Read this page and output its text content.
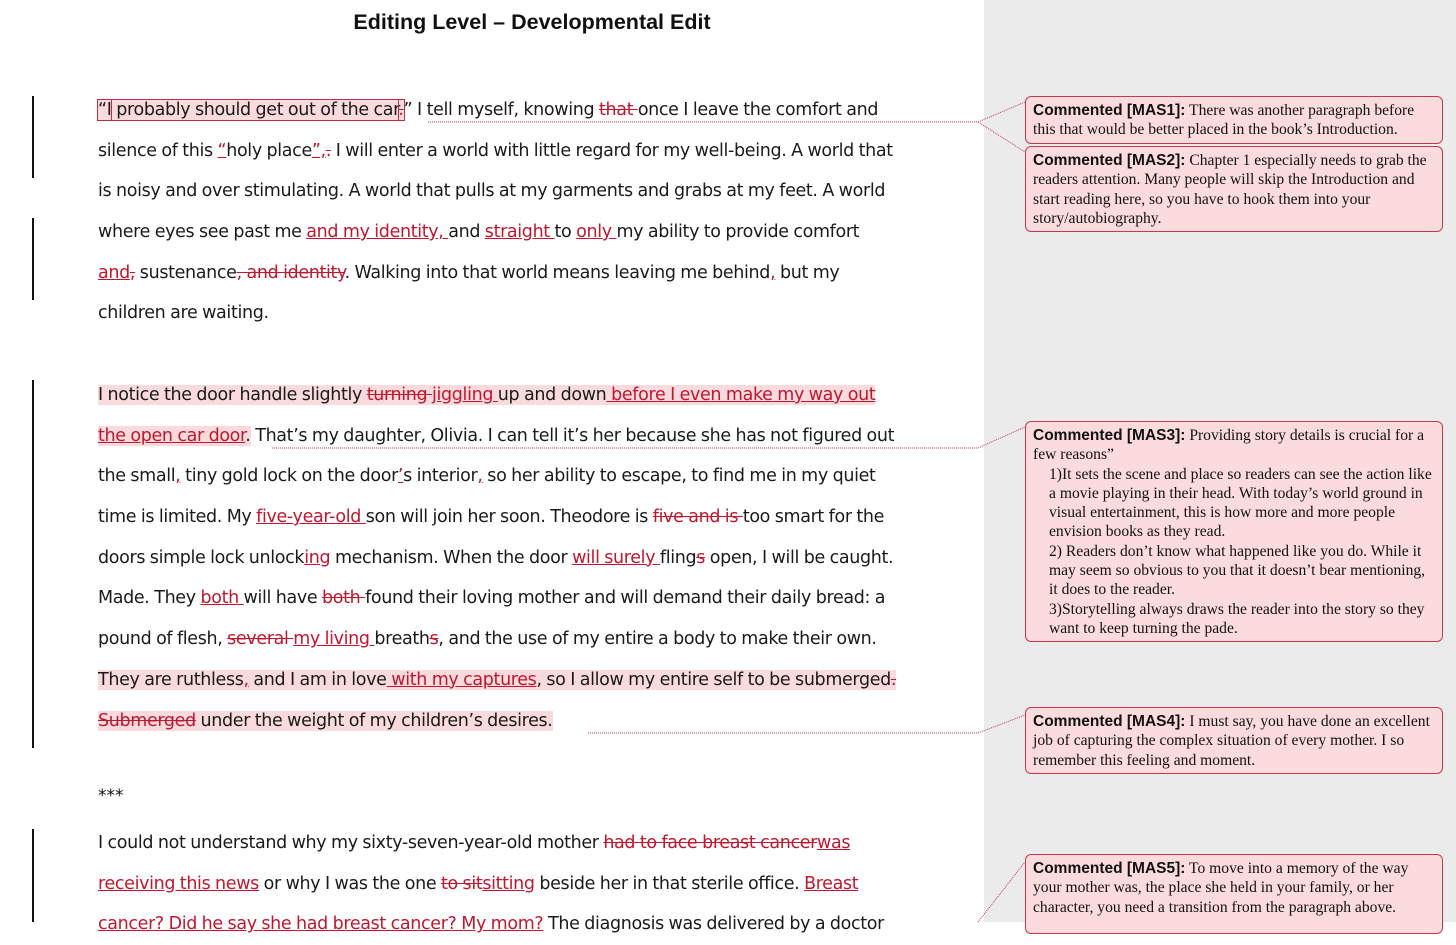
Editing Level – Developmental Edit
“I probably should get out of the car.” I tell myself, knowing that once I leave the comfort and
silence of this “holy place”,. I will enter a world with little regard for my well-being. A world that
is noisy and over stimulating. A world that pulls at my garments and grabs at my feet. A world
where eyes see past me and my identity, and straight to only my ability to provide comfort
and, sustenance, and identity. Walking into that world means leaving me behind, but my
children are waiting.
I notice the door handle slightly turning jiggling up and down before I even make my way out
the open car door. That’s my daughter, Olivia. I can tell it’s her because she has not figured out
the small, tiny gold lock on the door’s interior, so her ability to escape, to find me in my quiet
time is limited. My five-year-old son will join her soon. Theodore is five and is too smart for the
doors simple lock unlocking mechanism. When the door will surely flings open, I will be caught.
Made. They both will have both found their loving mother and will demand their daily bread: a
pound of flesh, several my living breaths, and the use of my entire a body to make their own.
They are ruthless, and I am in love with my captures, so I allow my entire self to be submerged.
Submerged under the weight of my children’s desires.
***
I could not understand why my sixty-seven-year-old mother had to face breast cancerwas
receiving this news or why I was the one to sitsitting beside her in that sterile office. Breast
cancer? Did he say she had breast cancer? My mom? The diagnosis was delivered by a doctor
Commented [MAS1]: There was another paragraph before this that would be better placed in the book’s Introduction.
Commented [MAS2]: Chapter 1 especially needs to grab the readers attention. Many people will skip the Introduction and start reading here, so you have to hook them into your story/autobiography.
Commented [MAS3]: Providing story details is crucial for a few reasons”
1)It sets the scene and place so readers can see the action like a movie playing in their head. With today’s world ground in visual entertainment, this is how more and more people envision books as they read.
2) Readers don’t know what happened like you do. While it may seem so obvious to you that it doesn’t bear mentioning, it does to the reader.
3)Storytelling always draws the reader into the story so they want to keep turning the pade.
Commented [MAS4]: I must say, you have done an excellent job of capturing the complex situation of every mother. I so remember this feeling and moment.
Commented [MAS5]: To move into a memory of the way your mother was, the place she held in your family, or her character, you need a transition from the paragraph above.
